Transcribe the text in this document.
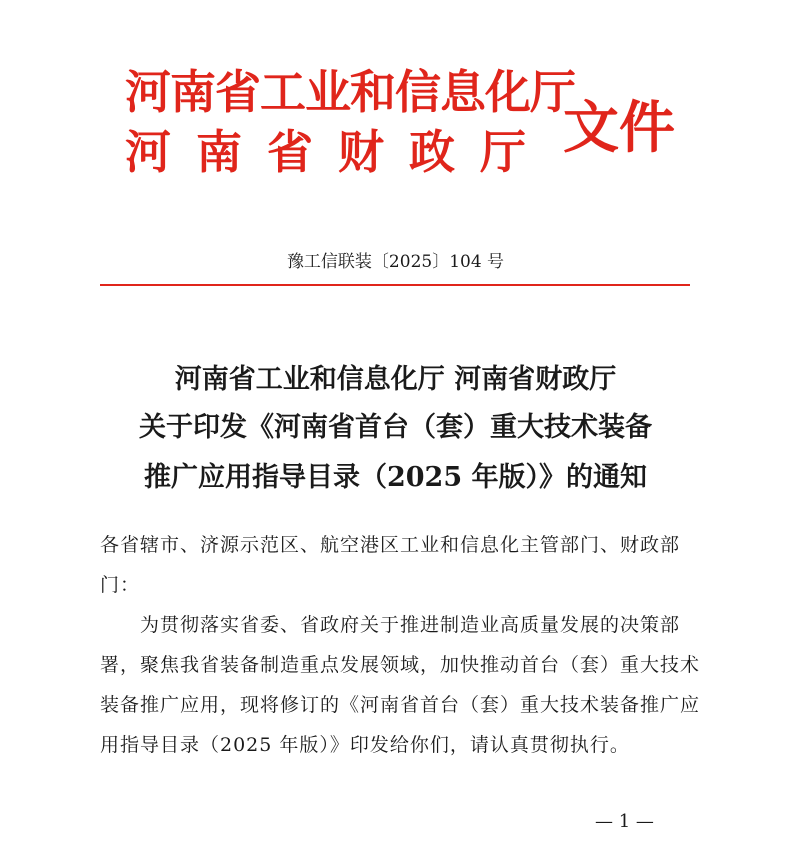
河南省工业和信息化厅
河南省财政厅 文件
豫工信联装〔2025〕104 号
河南省工业和信息化厅 河南省财政厅
关于印发《河南省首台（套）重大技术装备
推广应用指导目录（2025 年版）》的通知

各省辖市、济源示范区、航空港区工业和信息化主管部门、财政部门：

为贯彻落实省委、省政府关于推进制造业高质量发展的决策部署，聚焦我省装备制造重点发展领域，加快推动首台（套）重大技术装备推广应用，现将修订的《河南省首台（套）重大技术装备推广应用指导目录（2025 年版）》印发给你们，请认真贯彻执行。

— 1 —
